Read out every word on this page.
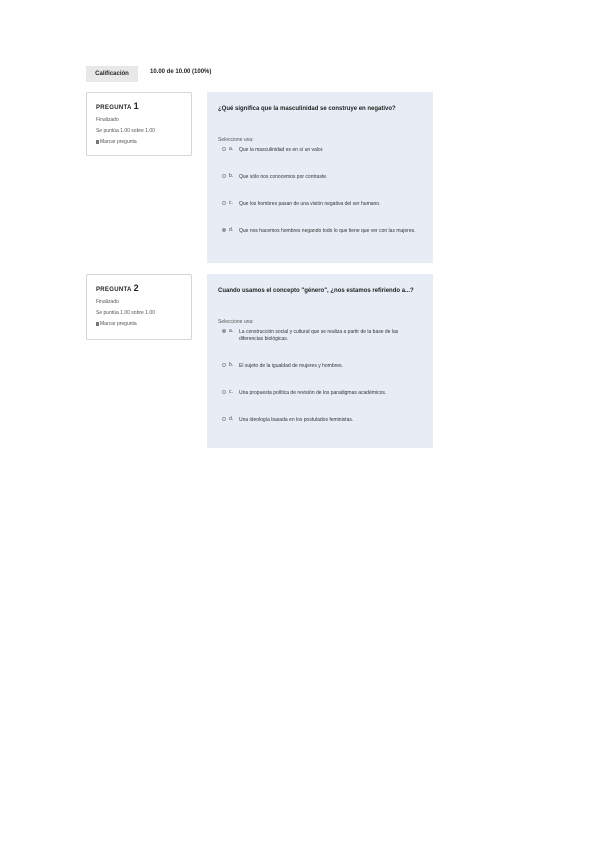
Calificación	10.00 de 10.00 (100%)
PREGUNTA 1
Finalizado
Se puntúa 1.00 sobre 1.00
Marcar pregunta
¿Qué significa que la masculinidad se construye en negativo?
Seleccione una:
a. Que la masculinidad es en sí un valor.
b. Que sólo nos conocemos por contraste.
c. Que los hombres pasan de una visión negativa del ser humano.
d. Que nos hacemos hombres negando todo lo que tiene que ver con las mujeres.
PREGUNTA 2
Finalizado
Se puntúa 1.00 sobre 1.00
Marcar pregunta
Cuando usamos el concepto "género", ¿nos estamos refiriendo a...?
Seleccione una:
a. La construcción social y cultural que se realiza a partir de la base de las diferencias biológicas.
b. El sujeto de la igualdad de mujeres y hombres.
c. Una propuesta política de revisión de los paradigmas académicos.
d. Una ideología basada en los postulados feministas.
